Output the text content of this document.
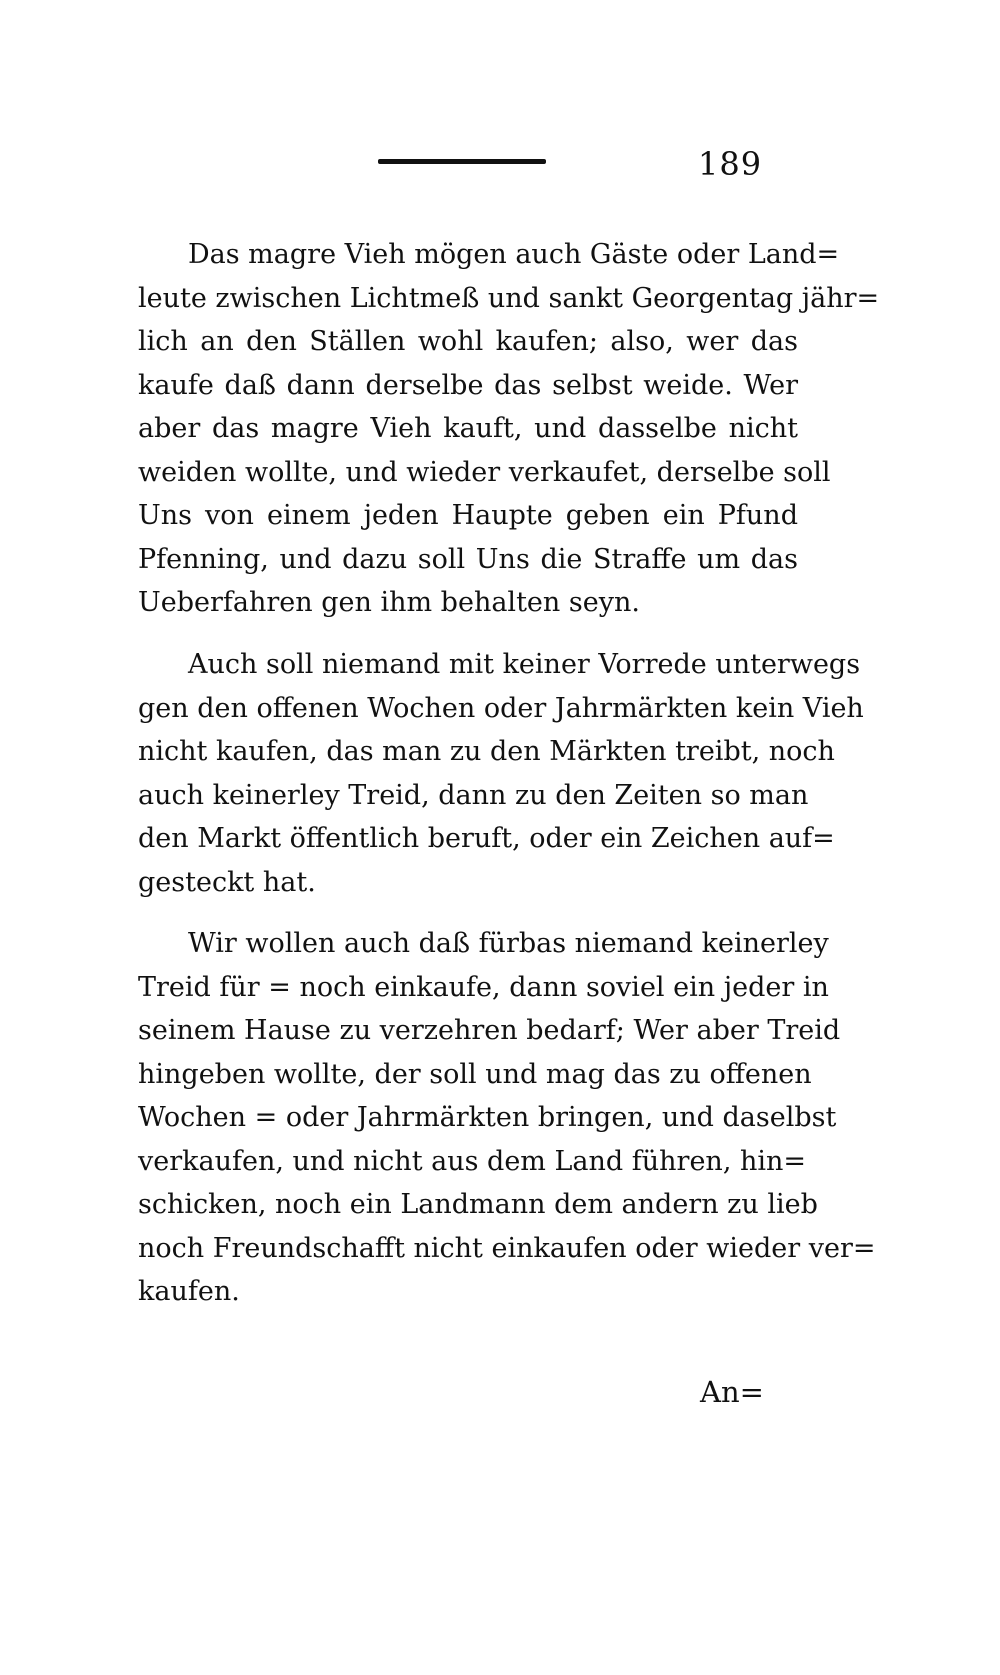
189
Das magre Vieh mögen auch Gäste oder Land=
leute zwischen Lichtmeß und sankt Georgentag jähr=
lich an den Ställen wohl kaufen; also, wer das
kaufe daß dann derselbe das selbst weide. Wer
aber das magre Vieh kauft, und dasselbe nicht
weiden wollte, und wieder verkaufet, derselbe soll
Uns von einem jeden Haupte geben ein Pfund
Pfenning, und dazu soll Uns die Straffe um das
Ueberfahren gen ihm behalten seyn.
Auch soll niemand mit keiner Vorrede unterwegs
gen den offenen Wochen oder Jahrmärkten kein Vieh
nicht kaufen, das man zu den Märkten treibt, noch
auch keinerley Treid, dann zu den Zeiten so man
den Markt öffentlich beruft, oder ein Zeichen auf=
gesteckt hat.
Wir wollen auch daß fürbas niemand keinerley
Treid für = noch einkaufe, dann soviel ein jeder in
seinem Hause zu verzehren bedarf; Wer aber Treid
hingeben wollte, der soll und mag das zu offenen
Wochen = oder Jahrmärkten bringen, und daselbst
verkaufen, und nicht aus dem Land führen, hin=
schicken, noch ein Landmann dem andern zu lieb
noch Freundschafft nicht einkaufen oder wieder ver=
kaufen.
An=
